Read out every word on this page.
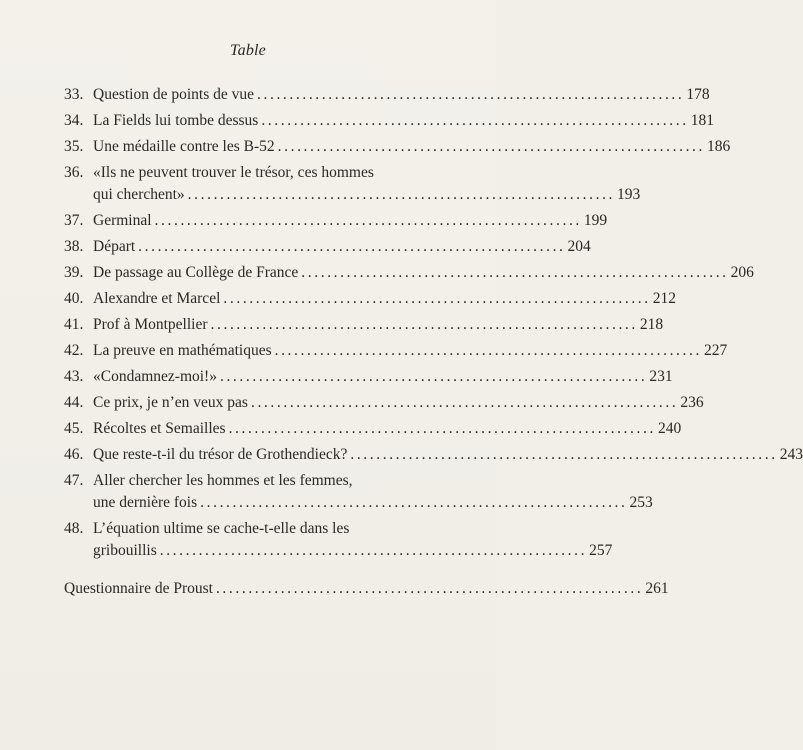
Table
33. Question de points de vue .................................................................. 178
34. La Fields lui tombe dessus .................................................................. 181
35. Une médaille contre les B-52 .................................................................. 186
36. «Ils ne peuvent trouver le trésor, ces hommes
qui cherchent» .................................................................. 193
37. Germinal .................................................................. 199
38. Départ .................................................................. 204
39. De passage au Collège de France .................................................................. 206
40. Alexandre et Marcel .................................................................. 212
41. Prof à Montpellier .................................................................. 218
42. La preuve en mathématiques .................................................................. 227
43. «Condamnez-moi!» .................................................................. 231
44. Ce prix, je n’en veux pas .................................................................. 236
45. Récoltes et Semailles .................................................................. 240
46. Que reste-t-il du trésor de Grothendieck? .................................................................. 243
47. Aller chercher les hommes et les femmes,
une dernière fois .................................................................. 253
48. L’équation ultime se cache-t-elle dans les
gribouillis .................................................................. 257
Questionnaire de Proust .................................................................. 261
